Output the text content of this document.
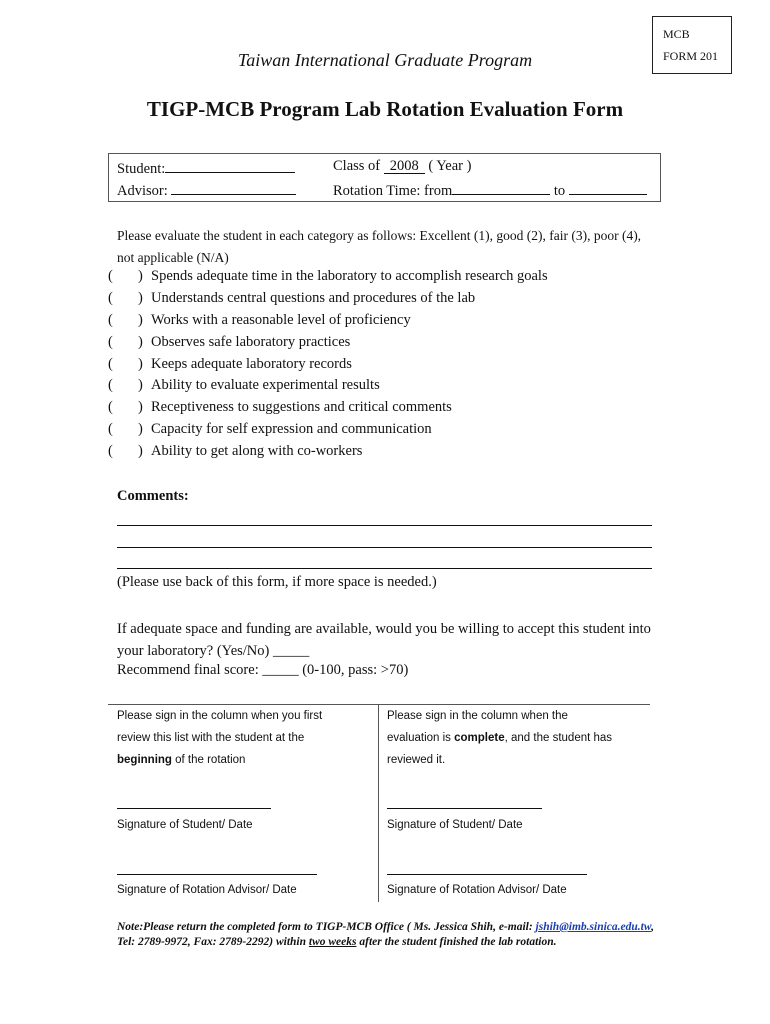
MCB
FORM 201
Taiwan International Graduate Program
TIGP-MCB Program Lab Rotation Evaluation Form
Student:	Class of 2008 ( Year )
Advisor:	Rotation Time: from	to
Please evaluate the student in each category as follows: Excellent (1), good (2), fair (3), poor (4), not applicable (N/A)
( ) Spends adequate time in the laboratory to accomplish research goals
( ) Understands central questions and procedures of the lab
( ) Works with a reasonable level of proficiency
( ) Observes safe laboratory practices
( ) Keeps adequate laboratory records
( ) Ability to evaluate experimental results
( ) Receptiveness to suggestions and critical comments
( ) Capacity for self expression and communication
( ) Ability to get along with co-workers
Comments:
(Please use back of this form, if more space is needed.)
If adequate space and funding are available, would you be willing to accept this student into your laboratory? (Yes/No) _____
Recommend final score: _____ (0-100, pass: >70)
Please sign in the column when you first
review this list with the student at the
beginning of the rotation
Signature of Student/ Date
Signature of Rotation Advisor/ Date
Please sign in the column when the
evaluation is complete, and the student has
reviewed it.
Signature of Student/ Date
Signature of Rotation Advisor/ Date
Note:Please return the completed form to TIGP-MCB Office ( Ms. Jessica Shih, e-mail: jshih@imb.sinica.edu.tw, Tel: 2789-9972, Fax: 2789-2292) within two weeks after the student finished the lab rotation.
